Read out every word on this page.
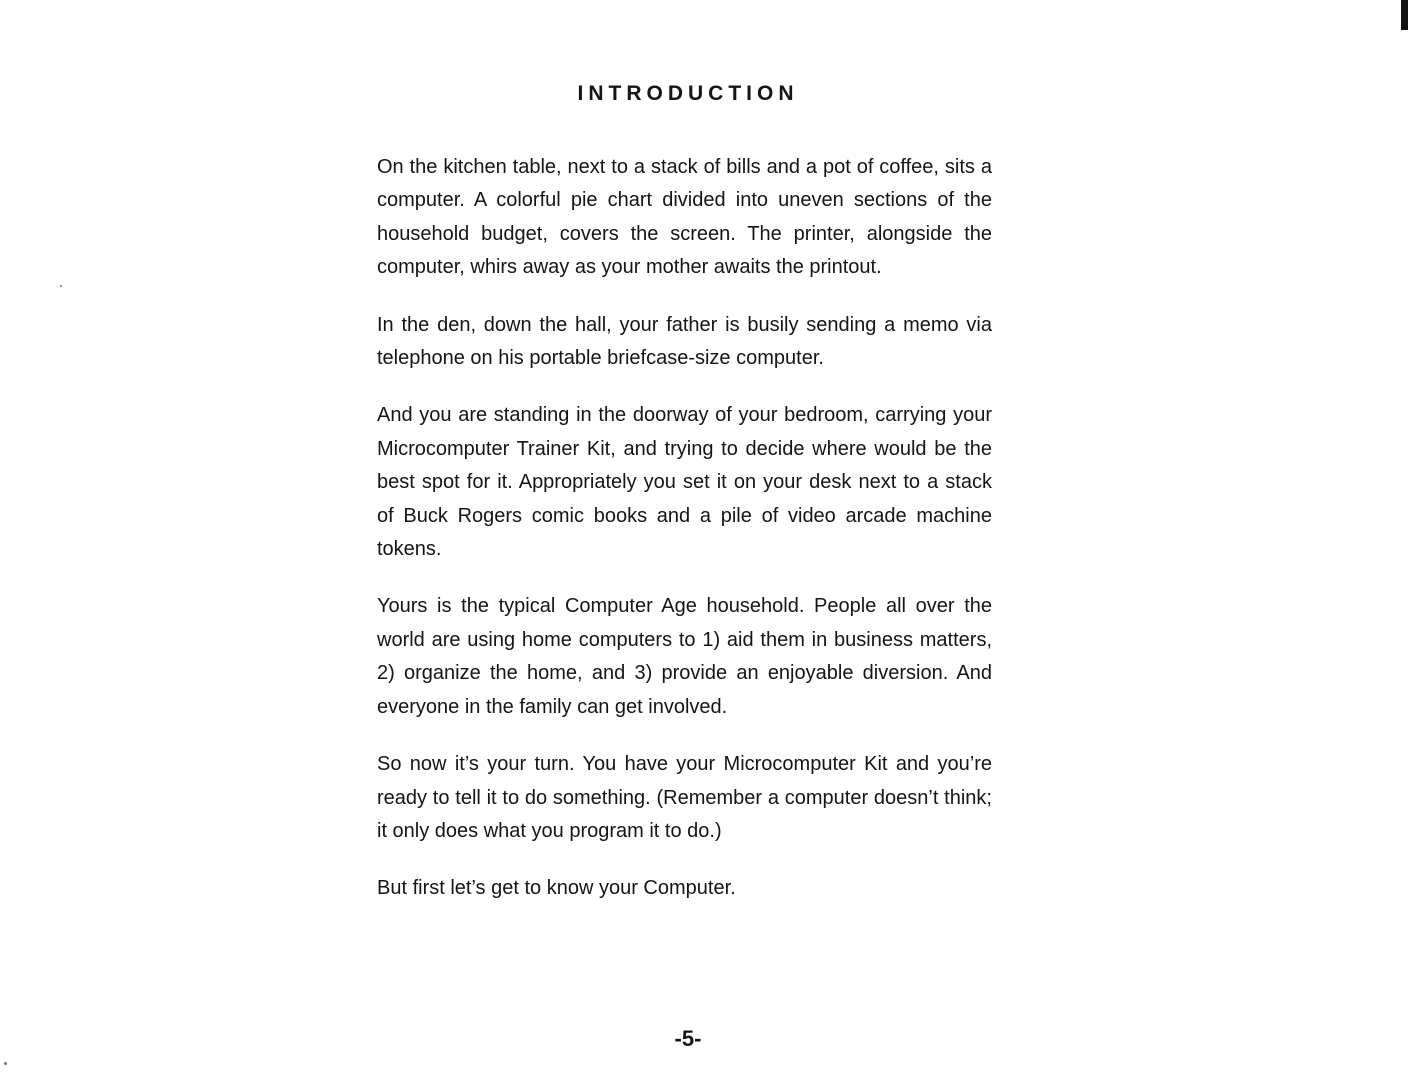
INTRODUCTION

On the kitchen table, next to a stack of bills and a pot of coffee, sits a computer. A colorful pie chart divided into uneven sections of the household budget, covers the screen. The printer, alongside the computer, whirs away as your mother awaits the printout.

In the den, down the hall, your father is busily sending a memo via telephone on his portable briefcase-size computer.

And you are standing in the doorway of your bedroom, carrying your Microcomputer Trainer Kit, and trying to decide where would be the best spot for it. Appropriately you set it on your desk next to a stack of Buck Rogers comic books and a pile of video arcade machine tokens.

Yours is the typical Computer Age household. People all over the world are using home computers to 1) aid them in business matters, 2) organize the home, and 3) provide an enjoyable diversion. And everyone in the family can get involved.

So now it’s your turn. You have your Microcomputer Kit and you’re ready to tell it to do something. (Remember a computer doesn’t think; it only does what you program it to do.)

But first let’s get to know your Computer.

-5-
